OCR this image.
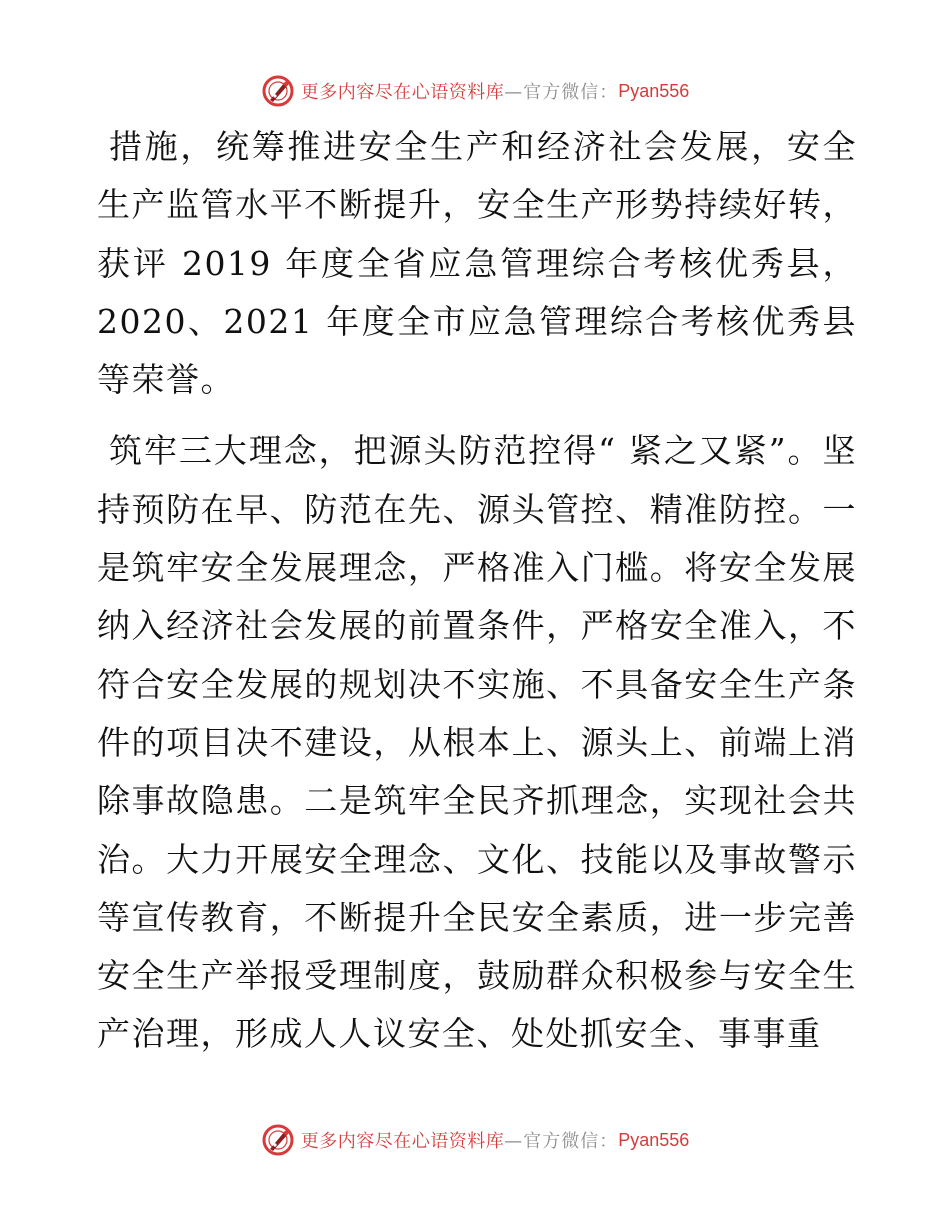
更多内容尽在心语资料库 —官方微信： Pyan556

措施，统筹推进安全生产和经济社会发展，安全生产监管水平不断提升，安全生产形势持续好转，获评 2019 年度全省应急管理综合考核优秀县，2020、2021 年度全市应急管理综合考核优秀县等荣誉。

筑牢三大理念，把源头防范控得“ 紧之又紧”。坚持预防在早、防范在先、源头管控、精准防控。一是筑牢安全发展理念，严格准入门槛。将安全发展纳入经济社会发展的前置条件，严格安全准入，不符合安全发展的规划决不实施、不具备安全生产条件的项目决不建设，从根本上、源头上、前端上消除事故隐患。二是筑牢全民齐抓理念，实现社会共治。大力开展安全理念、文化、技能以及事故警示等宣传教育，不断提升全民安全素质，进一步完善安全生产举报受理制度，鼓励群众积极参与安全生产治理，形成人人议安全、处处抓安全、事事重

更多内容尽在心语资料库 —官方微信： Pyan556
